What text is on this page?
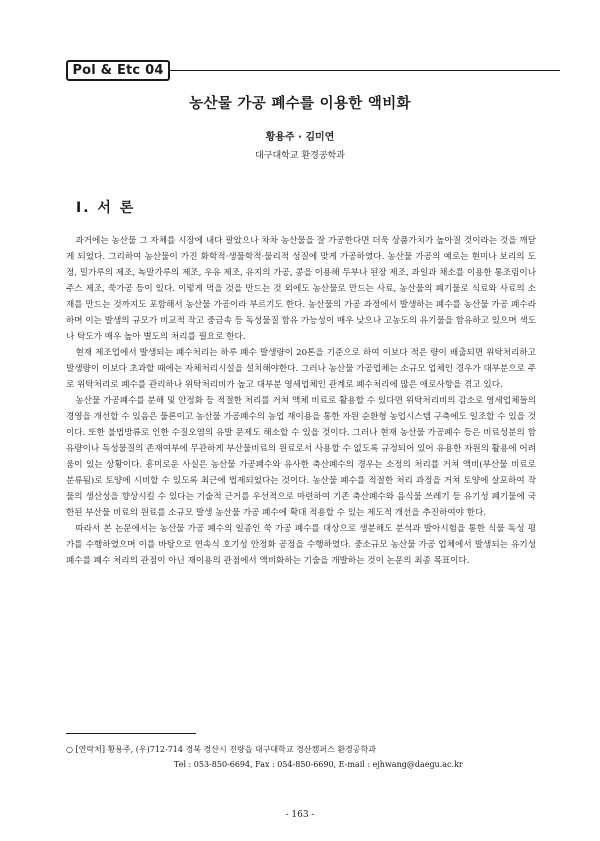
Pol & Etc 04
농산물 가공 폐수를 이용한 액비화
황용주 · 김미연
대구대학교 환경공학과
Ⅰ. 서 론

과거에는 농산물 그 자체를 시장에 내다 팔았으나 차차 농산물을 잘 가공한다면 더욱 상품가치가 높아질 것이라는 것을 깨닫게 되었다. 그리하여 농산물이 가진 화학적·생물학적·물리적 성질에 맞게 가공하였다. 농산물 가공의 예로는 현미나 보리의 도정, 밀가루의 제조, 녹말가루의 제조, 우유 제조, 유지의 가공, 콩을 이용해 두부나 된장 제조, 과일과 채소를 이용한 통조림이나 주스 제조, 쑥가공 등이 있다. 이렇게 먹을 것을 만드는 것 외에도 농산물로 만드는 사료, 농산물의 폐기물로 식료와 사료의 소재를 만드는 것까지도 포함해서 농산물 가공이라 부르기도 한다. 농산물의 가공 과정에서 발생하는 폐수를 농산물 가공 폐수라 하며 이는 발생의 규모가 비교적 작고 중금속 등 독성물질 함유 가능성이 매우 낮으나 고농도의 유기물을 함유하고 있으며 색도나 탁도가 매우 높아 별도의 처리를 필요로 한다.

현재 제조업에서 발생되는 폐수처리는 하루 폐수 발생량이 20톤을 기준으로 하여 이보다 적은 량이 배출되면 위탁처리하고 발생량이 이보다 초과할 때에는 자체처리시설을 설치해야한다. 그러나 농산물 가공업체는 소규모 업체인 경우가 대부분으로 주로 위탁처리로 폐수를 관리하나 위탁처리비가 높고 대부분 영세업체인 관계로 폐수처리에 많은 애로사항을 겪고 있다.

농산물 가공폐수를 분해 및 안정화 등 적절한 처리를 거쳐 액체 비료로 활용할 수 있다면 위탁처리비의 감소로 영세업체들의 경영을 개선할 수 있음은 물론이고 농산물 가공폐수의 농업 재이용을 통한 자원 순환형 농업시스템 구축에도 일조할 수 있을 것이다. 또한 불법방류로 인한 수질오염의 유발 문제도 해소할 수 있을 것이다. 그러나 현재 농산물 가공폐수 등은 비료성분의 함유량이나 독성물질의 존재여부에 무관하게 부산물비료의 원료로서 사용할 수 없도록 규정되어 있어 유용한 자원의 활용에 어려움이 있는 상황이다. 흥미로운 사실은 농산물 가공폐수와 유사한 축산폐수의 경우는 소정의 처리를 거쳐 액비(부산물 비료로 분류됨)로 토양에 시비할 수 있도록 최근에 법제되었다는 것이다. 농산물 폐수를 적절한 처리 과정을 거쳐 토양에 살포하여 작물의 생산성을 향상시킬 수 있다는 기술적 근거를 우선적으로 마련하여 기존 축산폐수와 음식물 쓰레기 등 유기성 폐기물에 국한된 부산물 비료의 원료를 소규모 발생 농산물 가공 폐수에 확대 적용할 수 있는 제도적 개선을 추진하여야 한다.

따라서 본 논문에서는 농산물 가공 폐수의 일종인 쑥 가공 폐수를 대상으로 생분해도 분석과 발아시험을 통한 식물 독성 평가를 수행하였으며 이를 바탕으로 연속식 호기성 안정화 공정을 수행하였다. 중소규모 농산물 가공 업체에서 발생되는 유기성 폐수를 폐수 처리의 관점이 아닌 재이용의 관점에서 액비화하는 기술을 개발하는 것이 논문의 최종 목표이다.

○ [연락처] 황용주, (우)712-714 경북 경산시 진량읍 대구대학교 경산캠퍼스 환경공학과
Tel : 053-850-6694, Fax : 054-850-6690, E-mail : ejhwang@daegu.ac.kr
- 163 -
